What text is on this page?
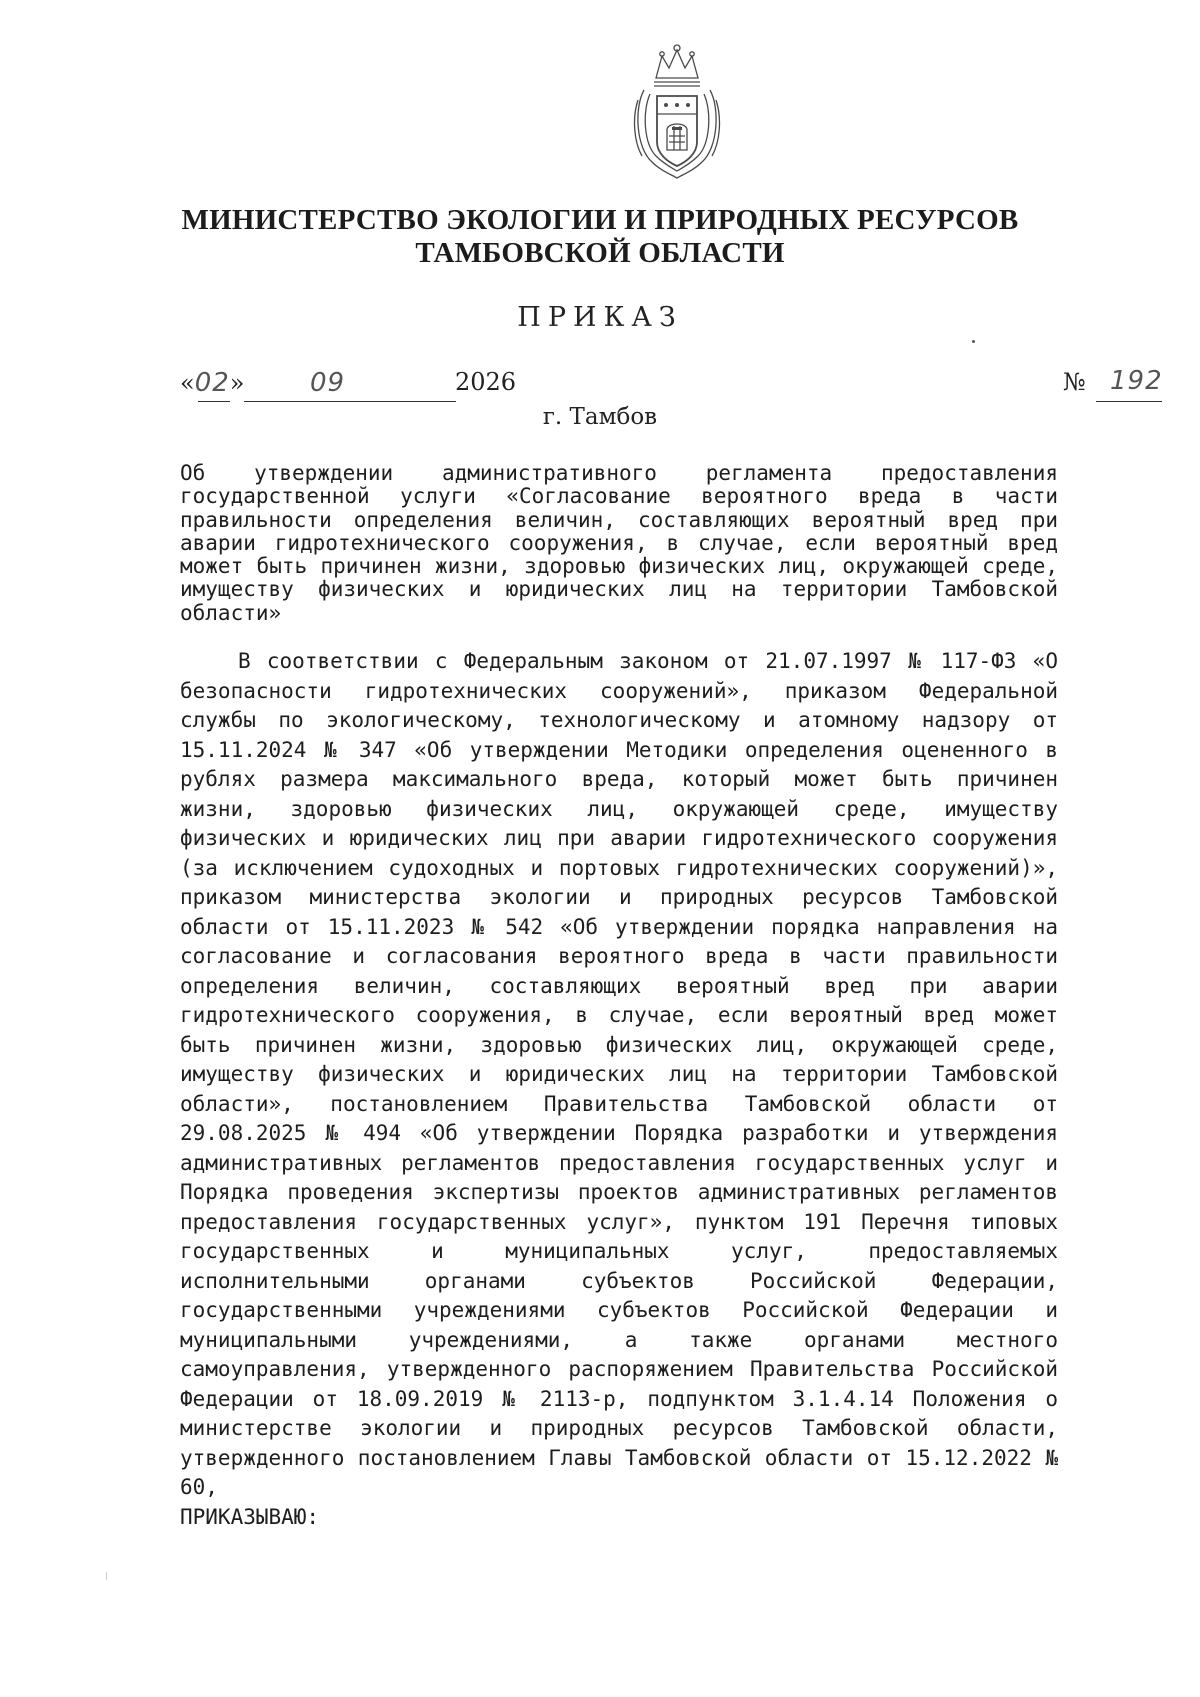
МИНИСТЕРСТВО ЭКОЛОГИИ И ПРИРОДНЫХ РЕСУРСОВ
ТАМБОВСКОЙ ОБЛАСТИ
ПРИКАЗ
«02»	09	2026	№ 192
г. Тамбов
Об утверждении административного регламента предоставления государственной услуги «Согласование вероятного вреда в части правильности определения величин, составляющих вероятный вред при аварии гидротехнического сооружения, в случае, если вероятный вред может быть причинен жизни, здоровью физических лиц, окружающей среде, имуществу физических и юридических лиц на территории Тамбовской области»
В соответствии с Федеральным законом от 21.07.1997 № 117-ФЗ «О безопасности гидротехнических сооружений», приказом Федеральной службы по экологическому, технологическому и атомному надзору от 15.11.2024 № 347 «Об утверждении Методики определения оцененного в рублях размера максимального вреда, который может быть причинен жизни, здоровью физических лиц, окружающей среде, имуществу физических и юридических лиц при аварии гидротехнического сооружения (за исключением судоходных и портовых гидротехнических сооружений)», приказом министерства экологии и природных ресурсов Тамбовской области от 15.11.2023 № 542 «Об утверждении порядка направления на согласование и согласования вероятного вреда в части правильности определения величин, составляющих вероятный вред при аварии гидротехнического сооружения, в случае, если вероятный вред может быть причинен жизни, здоровью физических лиц, окружающей среде, имуществу физических и юридических лиц на территории Тамбовской области», постановлением Правительства Тамбовской области от 29.08.2025 № 494 «Об утверждении Порядка разработки и утверждения административных регламентов предоставления государственных услуг и Порядка проведения экспертизы проектов административных регламентов предоставления государственных услуг», пунктом 191 Перечня типовых государственных и муниципальных услуг, предоставляемых исполнительными органами субъектов Российской Федерации, государственными учреждениями субъектов Российской Федерации и муниципальными учреждениями, а также органами местного самоуправления, утвержденного распоряжением Правительства Российской Федерации от 18.09.2019 № 2113-р, подпунктом 3.1.4.14 Положения о министерстве экологии и природных ресурсов Тамбовской области, утвержденного постановлением Главы Тамбовской области от 15.12.2022 № 60,
ПРИКАЗЫВАЮ:
